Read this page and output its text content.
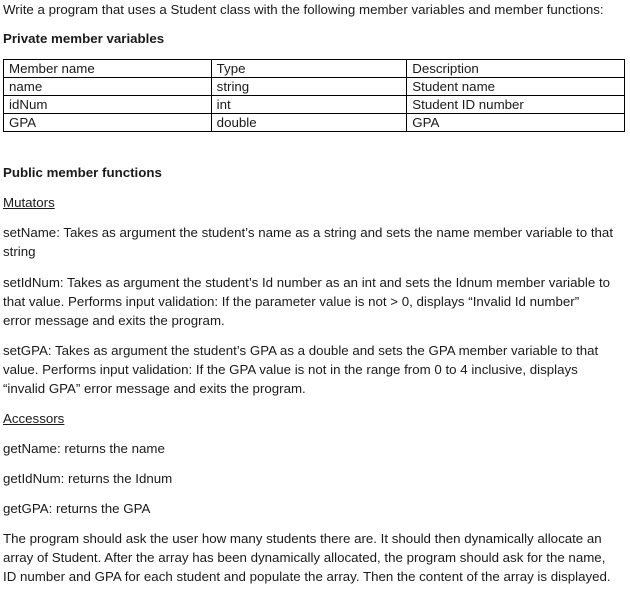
Write a program that uses a Student class with the following member variables and member functions:
Private member variables
Member name	Type	Description
name	string	Student name
idNum	int	Student ID number
GPA	double	GPA
Public member functions
Mutators
setName: Takes as argument the student’s name as a string and sets the name member variable to that
string
setIdNum: Takes as argument the student’s Id number as an int and sets the Idnum member variable to
that value. Performs input validation: If the parameter value is not > 0, displays “Invalid Id number”
error message and exits the program.
setGPA: Takes as argument the student’s GPA as a double and sets the GPA member variable to that
value. Performs input validation: If the GPA value is not in the range from 0 to 4 inclusive, displays
“invalid GPA” error message and exits the program.
Accessors
getName: returns the name
getIdNum: returns the Idnum
getGPA: returns the GPA
The program should ask the user how many students there are. It should then dynamically allocate an
array of Student. After the array has been dynamically allocated, the program should ask for the name,
ID number and GPA for each student and populate the array. Then the content of the array is displayed.
